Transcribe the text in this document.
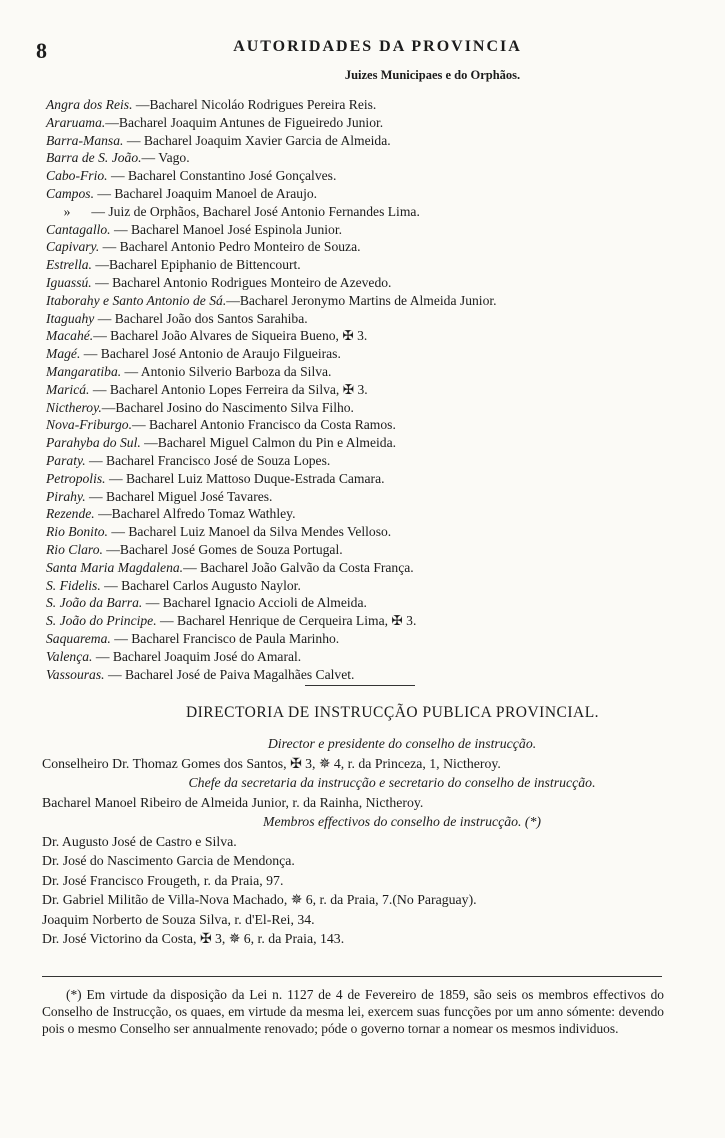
8	AUTORIDADES DA PROVINCIA
Juizes Municipaes e do Orphãos.
Angra dos Reis. —Bacharel Nicoláo Rodrigues Pereira Reis.
Araruama.—Bacharel Joaquim Antunes de Figueiredo Junior.
Barra-Mansa. — Bacharel Joaquim Xavier Garcia de Almeida.
Barra de S. João.— Vago.
Cabo-Frio. — Bacharel Constantino José Gonçalves.
Campos. — Bacharel Joaquim Manoel de Araujo.
» — Juiz de Orphãos, Bacharel José Antonio Fernandes Lima.
Cantagallo. — Bacharel Manoel José Espinola Junior.
Capivary. — Bacharel Antonio Pedro Monteiro de Souza.
Estrella. —Bacharel Epiphanio de Bittencourt.
Iguassú. — Bacharel Antonio Rodrigues Monteiro de Azevedo.
Itaborahy e Santo Antonio de Sá.—Bacharel Jeronymo Martins de Almeida Junior.
Itaguahy — Bacharel João dos Santos Sarahiba.
Macahé.— Bacharel João Alvares de Siqueira Bueno, ✠ 3.
Magé. — Bacharel José Antonio de Araujo Filgueiras.
Mangaratiba. — Antonio Silverio Barboza da Silva.
Maricá. — Bacharel Antonio Lopes Ferreira da Silva, ✠ 3.
Nictheroy.—Bacharel Josino do Nascimento Silva Filho.
Nova-Friburgo.— Bacharel Antonio Francisco da Costa Ramos.
Parahyba do Sul. —Bacharel Miguel Calmon du Pin e Almeida.
Paraty. — Bacharel Francisco José de Souza Lopes.
Petropolis. — Bacharel Luiz Mattoso Duque-Estrada Camara.
Pirahy. — Bacharel Miguel José Tavares.
Rezende. —Bacharel Alfredo Tomaz Wathley.
Rio Bonito. — Bacharel Luiz Manoel da Silva Mendes Velloso.
Rio Claro. —Bacharel José Gomes de Souza Portugal.
Santa Maria Magdalena.— Bacharel João Galvão da Costa França.
S. Fidelis. — Bacharel Carlos Augusto Naylor.
S. João da Barra. — Bacharel Ignacio Accioli de Almeida.
S. João do Principe. — Bacharel Henrique de Cerqueira Lima, ✠ 3.
Saquarema. — Bacharel Francisco de Paula Marinho.
Valença. — Bacharel Joaquim José do Amaral.
Vassouras. — Bacharel José de Paiva Magalhães Calvet.
DIRECTORIA DE INSTRUCÇÃO PUBLICA PROVINCIAL.
Director e presidente do conselho de instrucção.
Conselheiro Dr. Thomaz Gomes dos Santos, ✠ 3, ✵ 4, r. da Princeza, 1, Nictheroy.
Chefe da secretaria da instrucção e secretario do conselho de instrucção.
Bacharel Manoel Ribeiro de Almeida Junior, r. da Rainha, Nictheroy.
Membros effectivos do conselho de instrucção. (*)
Dr. Augusto José de Castro e Silva.
Dr. José do Nascimento Garcia de Mendonça.
Dr. José Francisco Frougeth, r. da Praia, 97.
Dr. Gabriel Militão de Villa-Nova Machado, ✵ 6, r. da Praia, 7.(No Paraguay).
Joaquim Norberto de Souza Silva, r. d'El-Rei, 34.
Dr. José Victorino da Costa, ✠ 3, ✵ 6, r. da Praia, 143.
(*) Em virtude da disposição da Lei n. 1127 de 4 de Fevereiro de 1859, são seis os membros effectivos do Conselho de Instrucção, os quaes, em virtude da mesma lei, exercem suas funcções por um anno sómente: devendo pois o mesmo Conselho ser annualmente renovado; póde o governo tornar a nomear os mesmos individuos.
